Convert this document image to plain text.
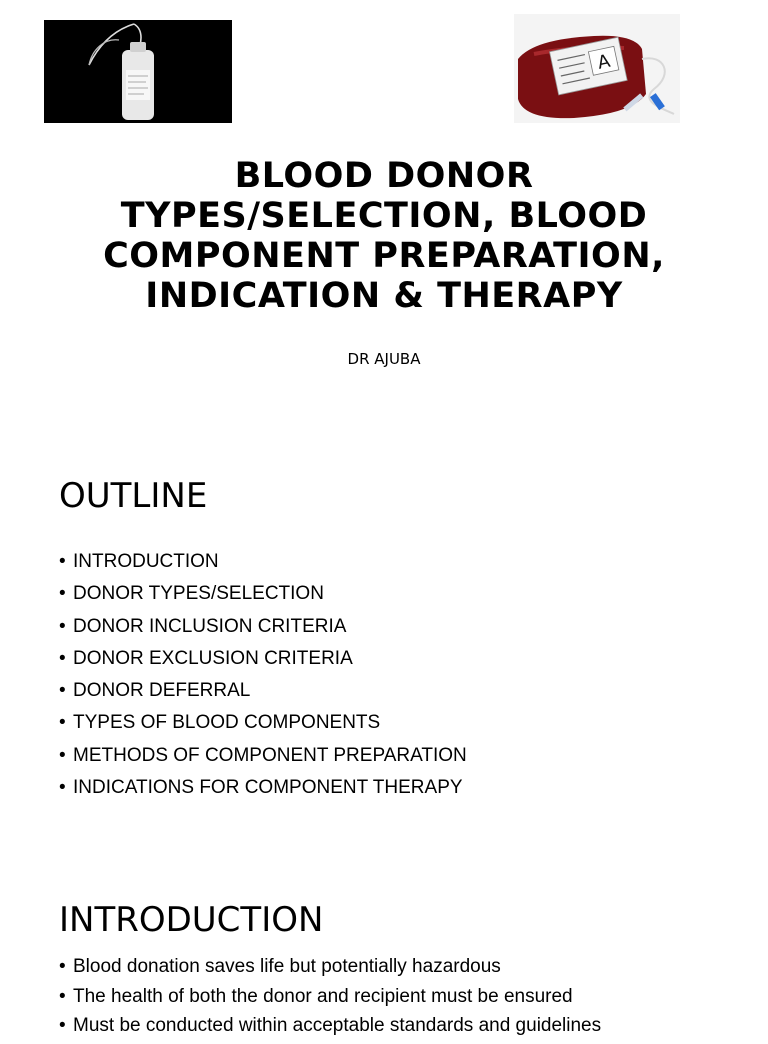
A
BLOOD DONOR TYPES/SELECTION, BLOOD COMPONENT PREPARATION, INDICATION & THERAPY
DR AJUBA
OUTLINE
• INTRODUCTION
• DONOR TYPES/SELECTION
• DONOR INCLUSION CRITERIA
• DONOR EXCLUSION CRITERIA
• DONOR DEFERRAL
• TYPES OF BLOOD COMPONENTS
• METHODS OF COMPONENT PREPARATION
• INDICATIONS FOR COMPONENT THERAPY
INTRODUCTION
• Blood donation saves life but potentially hazardous
• The health of both the donor and recipient must be ensured
• Must be conducted within acceptable standards and guidelines
